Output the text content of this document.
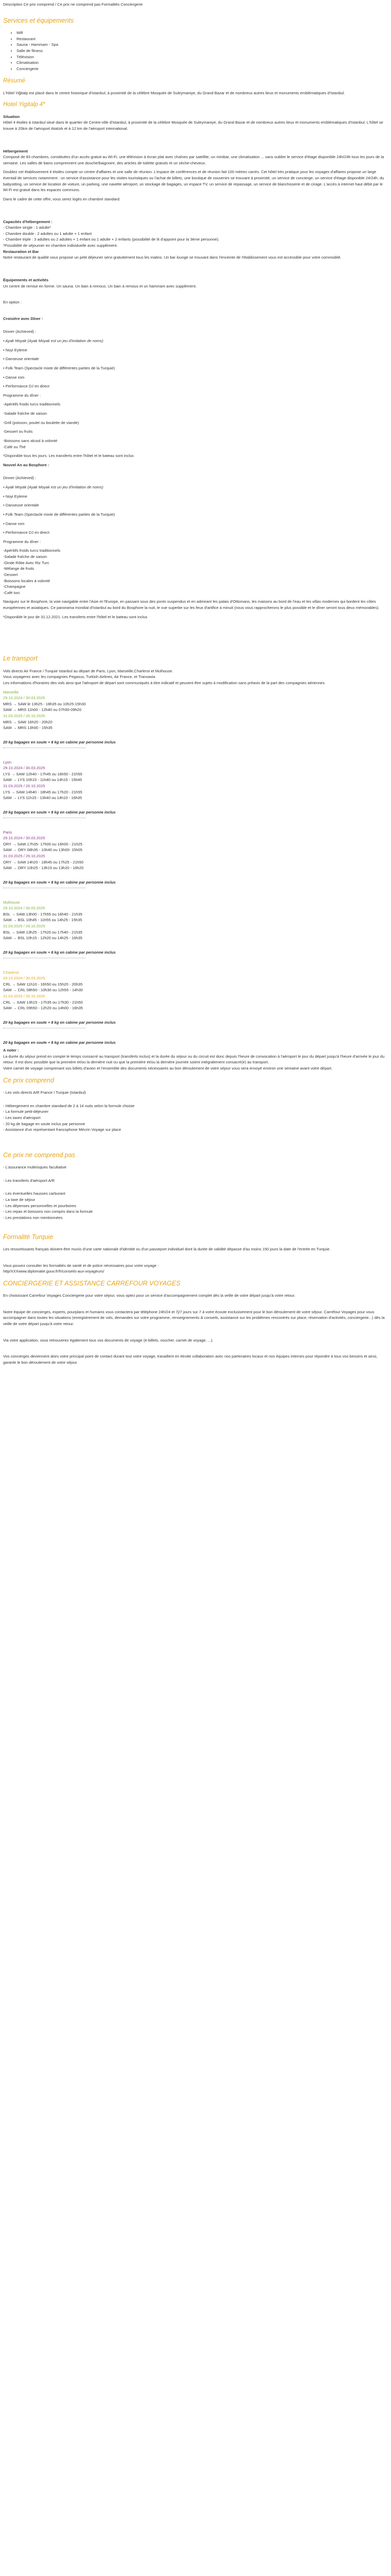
Description Ce prix comprend / Ce prix ne comprend pas Formalités Conciergerie
Services et équipements
• Wifi
• Restaurant
• Sauna - Hammam - Spa
• Salle de fitness
• Télévision
• Climatisation
• Conciergerie
Résumé

L'hôtel Yiğitalp est placé dans le centre historique d'Istanbul, à proximité de la célèbre Mosquée de Suleymaniye, du Grand Bazar et de nombreux autres lieux et monuments emblématiques d'Istanbul.

Hotel Yigitalp 4*
Situation

Hôtel 4 étoiles à Istanbul situé dans le quartier de Centre-ville d'Istanbul, à proximité de la célèbre Mosquée de Suleymaniye, du Grand Bazar et de nombreux autres lieux et monuments emblématiques d'Istanbul. L'hôtel se trouve à 20km de l'aéroport Atatürk et à 12 km de l'aéroport international.

Hébergement

Composé de 83 chambres, constituées d'un accès gratuit au Wi-Fi, une télévision à écran plat avec chaînes par satellite, un minibar, une climatisation ... sans oublier le service d'étage disponible 24h/24h tous les jours de la semaine. Les salles de bains comprennent une douche/baignoire, des articles de toilette gratuits et un sèche-cheveux.

Doublez cet établissement 4 étoiles compte un centre d'affaires et une salle de réunion. L'espace de conférences et de réunion fait 100 mètres carrés. Cet hôtel très pratique pour les voyages d'affaires propose un large éventail de services notamment : un service d'assistance pour les visites touristiques ou l'achat de billets, une boutique de souvenirs se trouvant à proximité, un service de concierge, un service d'étage disponible 24/24h, du babysitting, un service de location de voiture, un parking, une navette aéroport, un stockage de bagages, un espace TV, un service de repassage, un service de blanchisserie et de cirage. L'accès à internet haut débit par le Wi-Fi est gratuit dans les espaces communs.

Dans le cadre de cette offre, vous serez logés en chambre standard.

Capacités d'hébergement :
- Chambre single : 1 adulte*
- Chambre double : 2 adultes ou 1 adulte + 1 enfant
- Chambre triple : 3 adultes ou 2 adultes + 1 enfant ou 1 adulte + 2 enfants (possibilité de lit d'appoint pour la 3ème personne).
*Possibilité de séjourner en chambre individuelle avec supplément.
Restauration et Bar

Notre restaurant de qualité vous propose un petit déjeuner servi gratuitement tous les matins. Un bar lounge se trouvant dans l'enceinte de l'établissement vous est accessible pour votre commodité.

Équipements et activités

Un centre de remise en forme. Un sauna. Un bain à remous. Un bain à remous et un hammam avec supplément.

En option :

Croisière avec Dîner :

Dinner (Achieved) :

• Ayak Moyak (Ayak Moyak est un jeu d'imitation de noms)

• Noyi Eyleme

• Danseuse orientale

• Folk Team (Spectacle mixte de différentes parties de la Turquie)

• Danse rom

• Performance DJ en direct

Programme du dîner :

-Apéritifs froids turcs traditionnels

-Salade fraîche de saison

-Grill (poisson, poulet ou boulette de viande)

-Dessert ou fruits

-Boissons sans alcool à volonté

-Café ou Thé

*Disponible tous les jours. Les transferts entre l'hôtel et le bateau sont inclus

Nouvel An au Bosphore :

Dinner (Achieved) :

• Ayak Moyak (Ayak Moyak est un jeu d'imitation de noms)

• Noyi Eyleme

• Danseuse orientale

• Folk Team (Spectacle mixte de différentes parties de la Turquie)

• Danse rom

• Performance DJ en direct

Programme du dîner :

-Apéritifs froids turcs traditionnels
-Salade fraîche de saison
-Dinde Rôtie Avec Riz Turc
-Mélange de fruits
-Dessert
-Boissons locales à volonté
-Champagne

-Café turc

Naviguez sur le Bosphore, la voie navigable entre l'Asie et l'Europe, en passant sous des ponts suspendus et en admirant les palais d'Ottomans, les maisons au bord de l'eau et les villas modernes qui bordent les côtes européennes et asiatiques. Ce panorama mondial d'Istanbul au bord du Bosphore la nuit, le vue superbe sur les feux d'artifice à minuit (nous vous rapprocherons le plus possible et le dîner seront tous deux mémorables).

*Disponible le jour de 31.12.2021. Les transferts entre l'hôtel et le bateau sont inclus

Le transport

Vols directs Air France / Turquie Istanbul au départ de Paris, Lyon, Marseille,Charleroi et Mulhouse.
Vous voyagerez avec les compagnies Pegasus, Turkish Airlines, Air France, et Transavia
Les informations d'horaires des vols ainsi que l'aéroport de départ sont communiqués à titre indicatif et peuvent être sujets à modification sans préavis de la part des compagnies aériennes

Marseille
29.10.2024 / 30.03.2025
MRS → SAW le 13h25 - 18h35 ou 10h25-15h30
SAW → MRS 11h00 - 12h40 ou 07h50-09h20
31.03.2025 / 26.10.2025
MRS → SAW 16h20 - 20h20
SAW → MRS 13h00 - 15h35
20 kg bagages en soute + 8 kg en cabine par personne inclus
Lyon
29.10.2024 / 30.03.2025
LYS → SAW 12h40 - 17h45 ou 16h50 - 21h55
SAW → LYS 10h15 - 11h40 ou 14h15 - 15h45
31.03.2025 / 26.10.2025
LYS → SAW 14h40 - 18h45 ou 17h20 - 21h55
SAW → LYS 11h15 - 13h40 ou 14h10 - 16h35
20 kg bagages en soute + 8 kg en cabine par personne inclus
Paris
29.10.2024 / 30.03.2025
ORY → SAW 17h35- 17h00 ou 16h00 - 21h25
SAW → ORY 08h35 - 10h40 ou 13h00- 15h05
31.03.2025 / 26.10.2025
ORY → SAW 14h20 - 18h45 ou 17h25 - 21h50
SAW → ORY 10h25 - 13h15 ou 13h20 - 16h20
20 kg bagages en soute + 8 kg en cabine par personne inclus
Mulhouse
29.10.2024 / 30.03.2025
BSL → SAW 13h00 - 17h55 ou 16h40 - 21h35
SAW → BSL 10h45 - 11h55 ou 14h25 - 15h35
31.03.2025 / 26.10.2025
BSL → SAW 13h25 - 17h20 ou 17h40 - 21h35
SAW → BSL 10h15 - 12h20 ou 14h25 - 16h35
20 kg bagages en soute + 8 kg en cabine par personne inclus
Charleroi
29.10.2024 / 30.03.2025
CRL → SAW 11h10 - 16h50 ou 15h20 - 20h35
SAW → CRL 08h50 - 10h30 ou 12h55 - 14h30
31.03.2025 / 26.10.2025
CRL → SAW 13h15 - 17h35 ou 17h30 - 21h50
SAW → CRL 09h50 - 12h20 ou 14h00 - 16h35
20 kg bagages en soute + 8 kg en cabine par personne inclus
20 kg bagages en soute + 8 kg en cabine par personne inclus
A noter :

La durée du séjour prend en compte le temps consacré au transport (transferts inclus) et la durée du séjour ou du circuit est donc depuis l'heure de convocation à l'aéroport le jour du départ jusqu'à l'heure d'arrivée le jour du retour. Il est donc possible que la première et/ou la dernière nuit ou que la première et/ou la dernière journée soient intégralement consacré(e) au transport.
Votre carnet de voyage comprenant vos billets d'avion et l'ensemble des documents nécessaires au bon déroulement de votre séjour vous sera envoyé environ une semaine avant votre départ.

Ce prix comprend
- Les vols directs A/R France / Turquie (Istanbul)
- Hébergement en chambre standard de 2 à 14 nuits selon la formule choisie
- La formule petit-déjeuner
- Les taxes d'aéroport
- 20 kg de bagage en soute inclus par personne
- Assistance d'un représentant francophone Mécrin Voyage sur place
Ce prix ne comprend pas
- L'assurance multirisques facultative
- Les transferts d'aéroport A/R
- Les éventuelles hausses carburant
- La taxe de séjour
- Les dépenses personnelles et pourboires
- Les repas et boissons non compris dans la formule
- Les prestations non mentionnées
Formalité Turquie

Les ressortissants français doivent être munis d'une carte nationale d'identité ou d'un passeport individuel dont la durée de validité dépasse d'au moins 150 jours la date de l'entrée en Turquie.

Vous pouvez consulter les formalités de santé et de police nécessaires pour votre voyage :
http/XXXwww.diplomatie.gouv.fr/fr/conseils-aux-voyageurs/

CONCIERGERIE ET ASSISTANCE CARREFOUR VOYAGES

En choisissant Carrefour Voyages Conciergerie pour votre séjour, vous optez pour un service d'accompagnement complet dès la veille de votre départ jusqu'à votre retour.

Notre équipe de concierges, experts, pourplans et humains vous contactera par téléphone 24h/24 et 7j/7 jours sur 7 à votre écoute exclusivement pour le bon déroulement de votre séjour. Carrefour Voyages pour vous accompagner dans toutes les situations (enregistrement de vols, demandes sur votre programme, renseignements & conseils, assistance sur les problèmes rencontrés sur place, réservation d'activités, conciergerie...) dès la veille de votre départ jusqu'à votre retour.

Via votre application, vous retrouverez également tous vos documents de voyage (e-billets, voucher, carnet de voyage, ...).

Vos concierges deviennent alors votre principal point de contact durant tout votre voyage, travaillent en étroite collaboration avec nos partenaires locaux et nos équipes internes pour répondre à tous vos besoins et ainsi, garantir le bon déroulement de votre séjour.
